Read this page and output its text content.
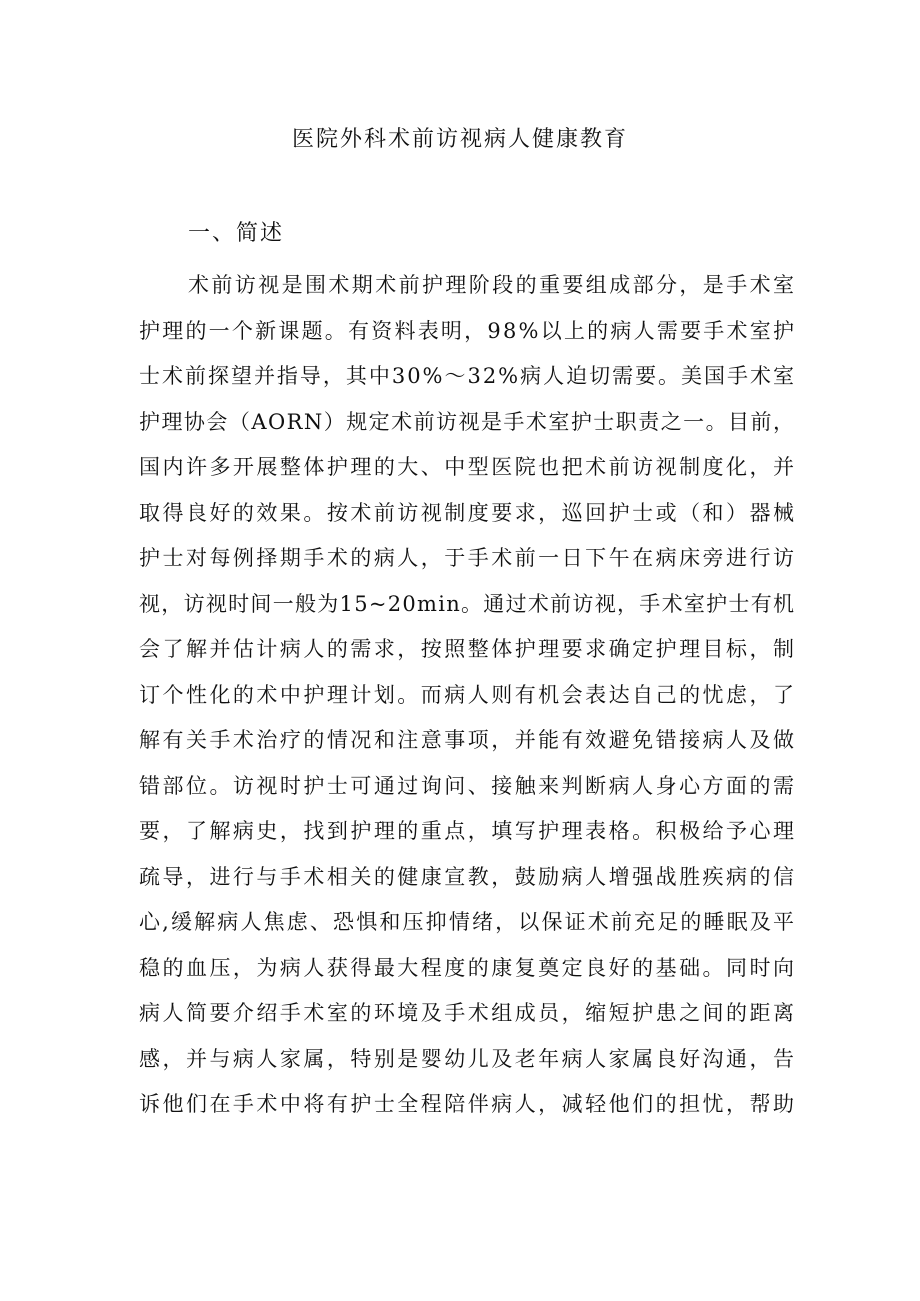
医院外科术前访视病人健康教育
一、简述
术前访视是围术期术前护理阶段的重要组成部分，是手术室
护理的一个新课题。有资料表明，98%以上的病人需要手术室护
士术前探望并指导，其中30%～32%病人迫切需要。美国手术室
护理协会（AORN）规定术前访视是手术室护士职责之一。目前，
国内许多开展整体护理的大、中型医院也把术前访视制度化，并
取得良好的效果。按术前访视制度要求，巡回护士或（和）器械
护士对每例择期手术的病人，于手术前一日下午在病床旁进行访
视，访视时间一般为15~20min。通过术前访视，手术室护士有机
会了解并估计病人的需求，按照整体护理要求确定护理目标，制
订个性化的术中护理计划。而病人则有机会表达自己的忧虑，了
解有关手术治疗的情况和注意事项，并能有效避免错接病人及做
错部位。访视时护士可通过询问、接触来判断病人身心方面的需
要，了解病史，找到护理的重点，填写护理表格。积极给予心理
疏导，进行与手术相关的健康宣教，鼓励病人增强战胜疾病的信
心,缓解病人焦虑、恐惧和压抑情绪，以保证术前充足的睡眠及平
稳的血压，为病人获得最大程度的康复奠定良好的基础。同时向
病人简要介绍手术室的环境及手术组成员，缩短护患之间的距离
感，并与病人家属，特别是婴幼儿及老年病人家属良好沟通，告
诉他们在手术中将有护士全程陪伴病人，减轻他们的担忧，帮助
